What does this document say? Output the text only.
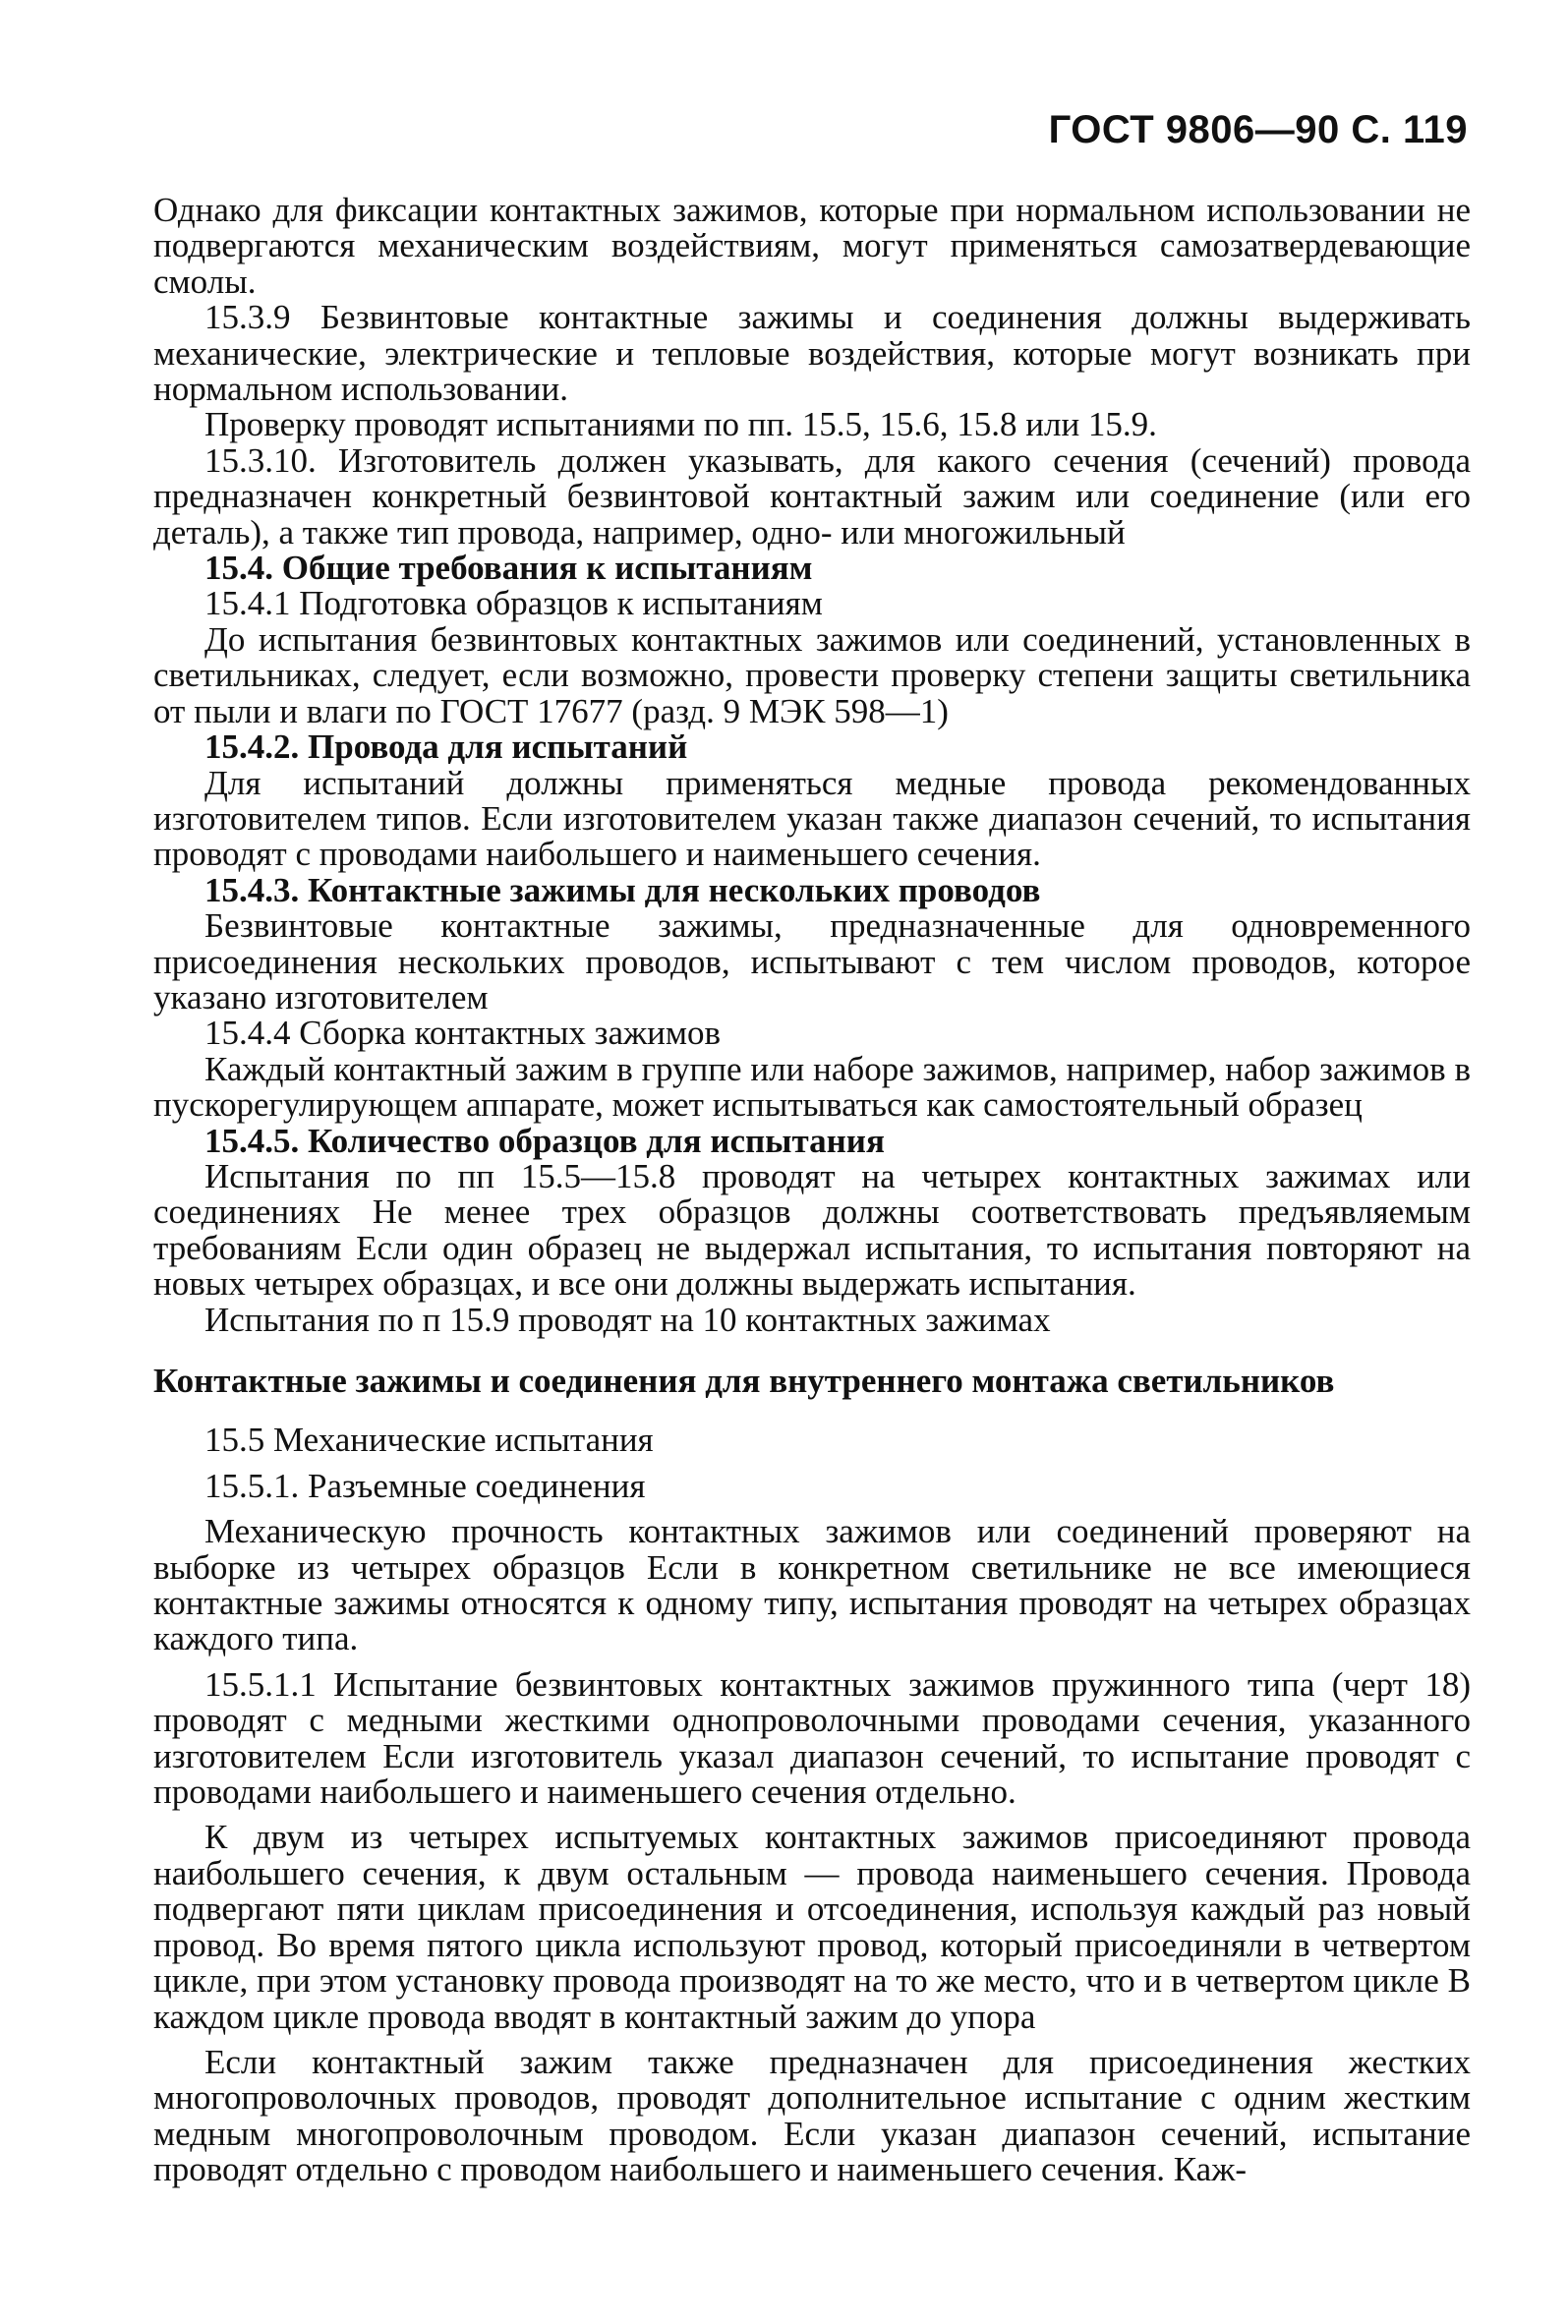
ГОСТ 9806—90 С. 119

Однако для фиксации контактных зажимов, которые при нормальном использовании не подвергаются механическим воздействиям, могут применяться самозатвердевающие смолы.

15.3.9 Безвинтовые контактные зажимы и соединения должны выдерживать механические, электрические и тепловые воздействия, которые могут возникать при нормальном использовании.

Проверку проводят испытаниями по пп. 15.5, 15.6, 15.8 или 15.9.

15.3.10. Изготовитель должен указывать, для какого сечения (сечений) провода предназначен конкретный безвинтовой контактный зажим или соединение (или его деталь), а также тип провода, например, одно- или многожильный

15.4. Общие требования к испытаниям

15.4.1 Подготовка образцов к испытаниям

До испытания безвинтовых контактных зажимов или соединений, установленных в светильниках, следует, если возможно, провести проверку степени защиты светильника от пыли и влаги по ГОСТ 17677 (разд. 9 МЭК 598—1)

15.4.2. Провода для испытаний

Для испытаний должны применяться медные провода рекомендованных изготовителем типов. Если изготовителем указан также диапазон сечений, то испытания проводят с проводами наибольшего и наименьшего сечения.

15.4.3. Контактные зажимы для нескольких проводов

Безвинтовые контактные зажимы, предназначенные для одновременного присоединения нескольких проводов, испытывают с тем числом проводов, которое указано изготовителем

15.4.4 Сборка контактных зажимов

Каждый контактный зажим в группе или наборе зажимов, например, набор зажимов в пускорегулирующем аппарате, может испытываться как самостоятельный образец

15.4.5. Количество образцов для испытания

Испытания по пп 15.5—15.8 проводят на четырех контактных зажимах или соединениях Не менее трех образцов должны соответствовать предъявляемым требованиям Если один образец не выдержал испытания, то испытания повторяют на новых четырех образцах, и все они должны выдержать испытания.

Испытания по п 15.9 проводят на 10 контактных зажимах

Контактные зажимы и соединения для внутреннего монтажа светильников

15.5 Механические испытания

15.5.1. Разъемные соединения

Механическую прочность контактных зажимов или соединений проверяют на выборке из четырех образцов Если в конкретном светильнике не все имеющиеся контактные зажимы относятся к одному типу, испытания проводят на четырех образцах каждого типа.

15.5.1.1 Испытание безвинтовых контактных зажимов пружинного типа (черт 18) проводят с медными жесткими однопроволочными проводами сечения, указанного изготовителем Если изготовитель указал диапазон сечений, то испытание проводят с проводами наибольшего и наименьшего сечения отдельно.

К двум из четырех испытуемых контактных зажимов присоединяют провода наибольшего сечения, к двум остальным — провода наименьшего сечения. Провода подвергают пяти циклам присоединения и отсоединения, используя каждый раз новый провод. Во время пятого цикла используют провод, который присоединяли в четвертом цикле, при этом установку провода производят на то же место, что и в четвертом цикле В каждом цикле провода вводят в контактный зажим до упора

Если контактный зажим также предназначен для присоединения жестких многопроволочных проводов, проводят дополнительное испытание с одним жестким медным многопроволочным проводом. Если указан диапазон сечений, испытание проводят отдельно с проводом наибольшего и наименьшего сечения. Каж-
